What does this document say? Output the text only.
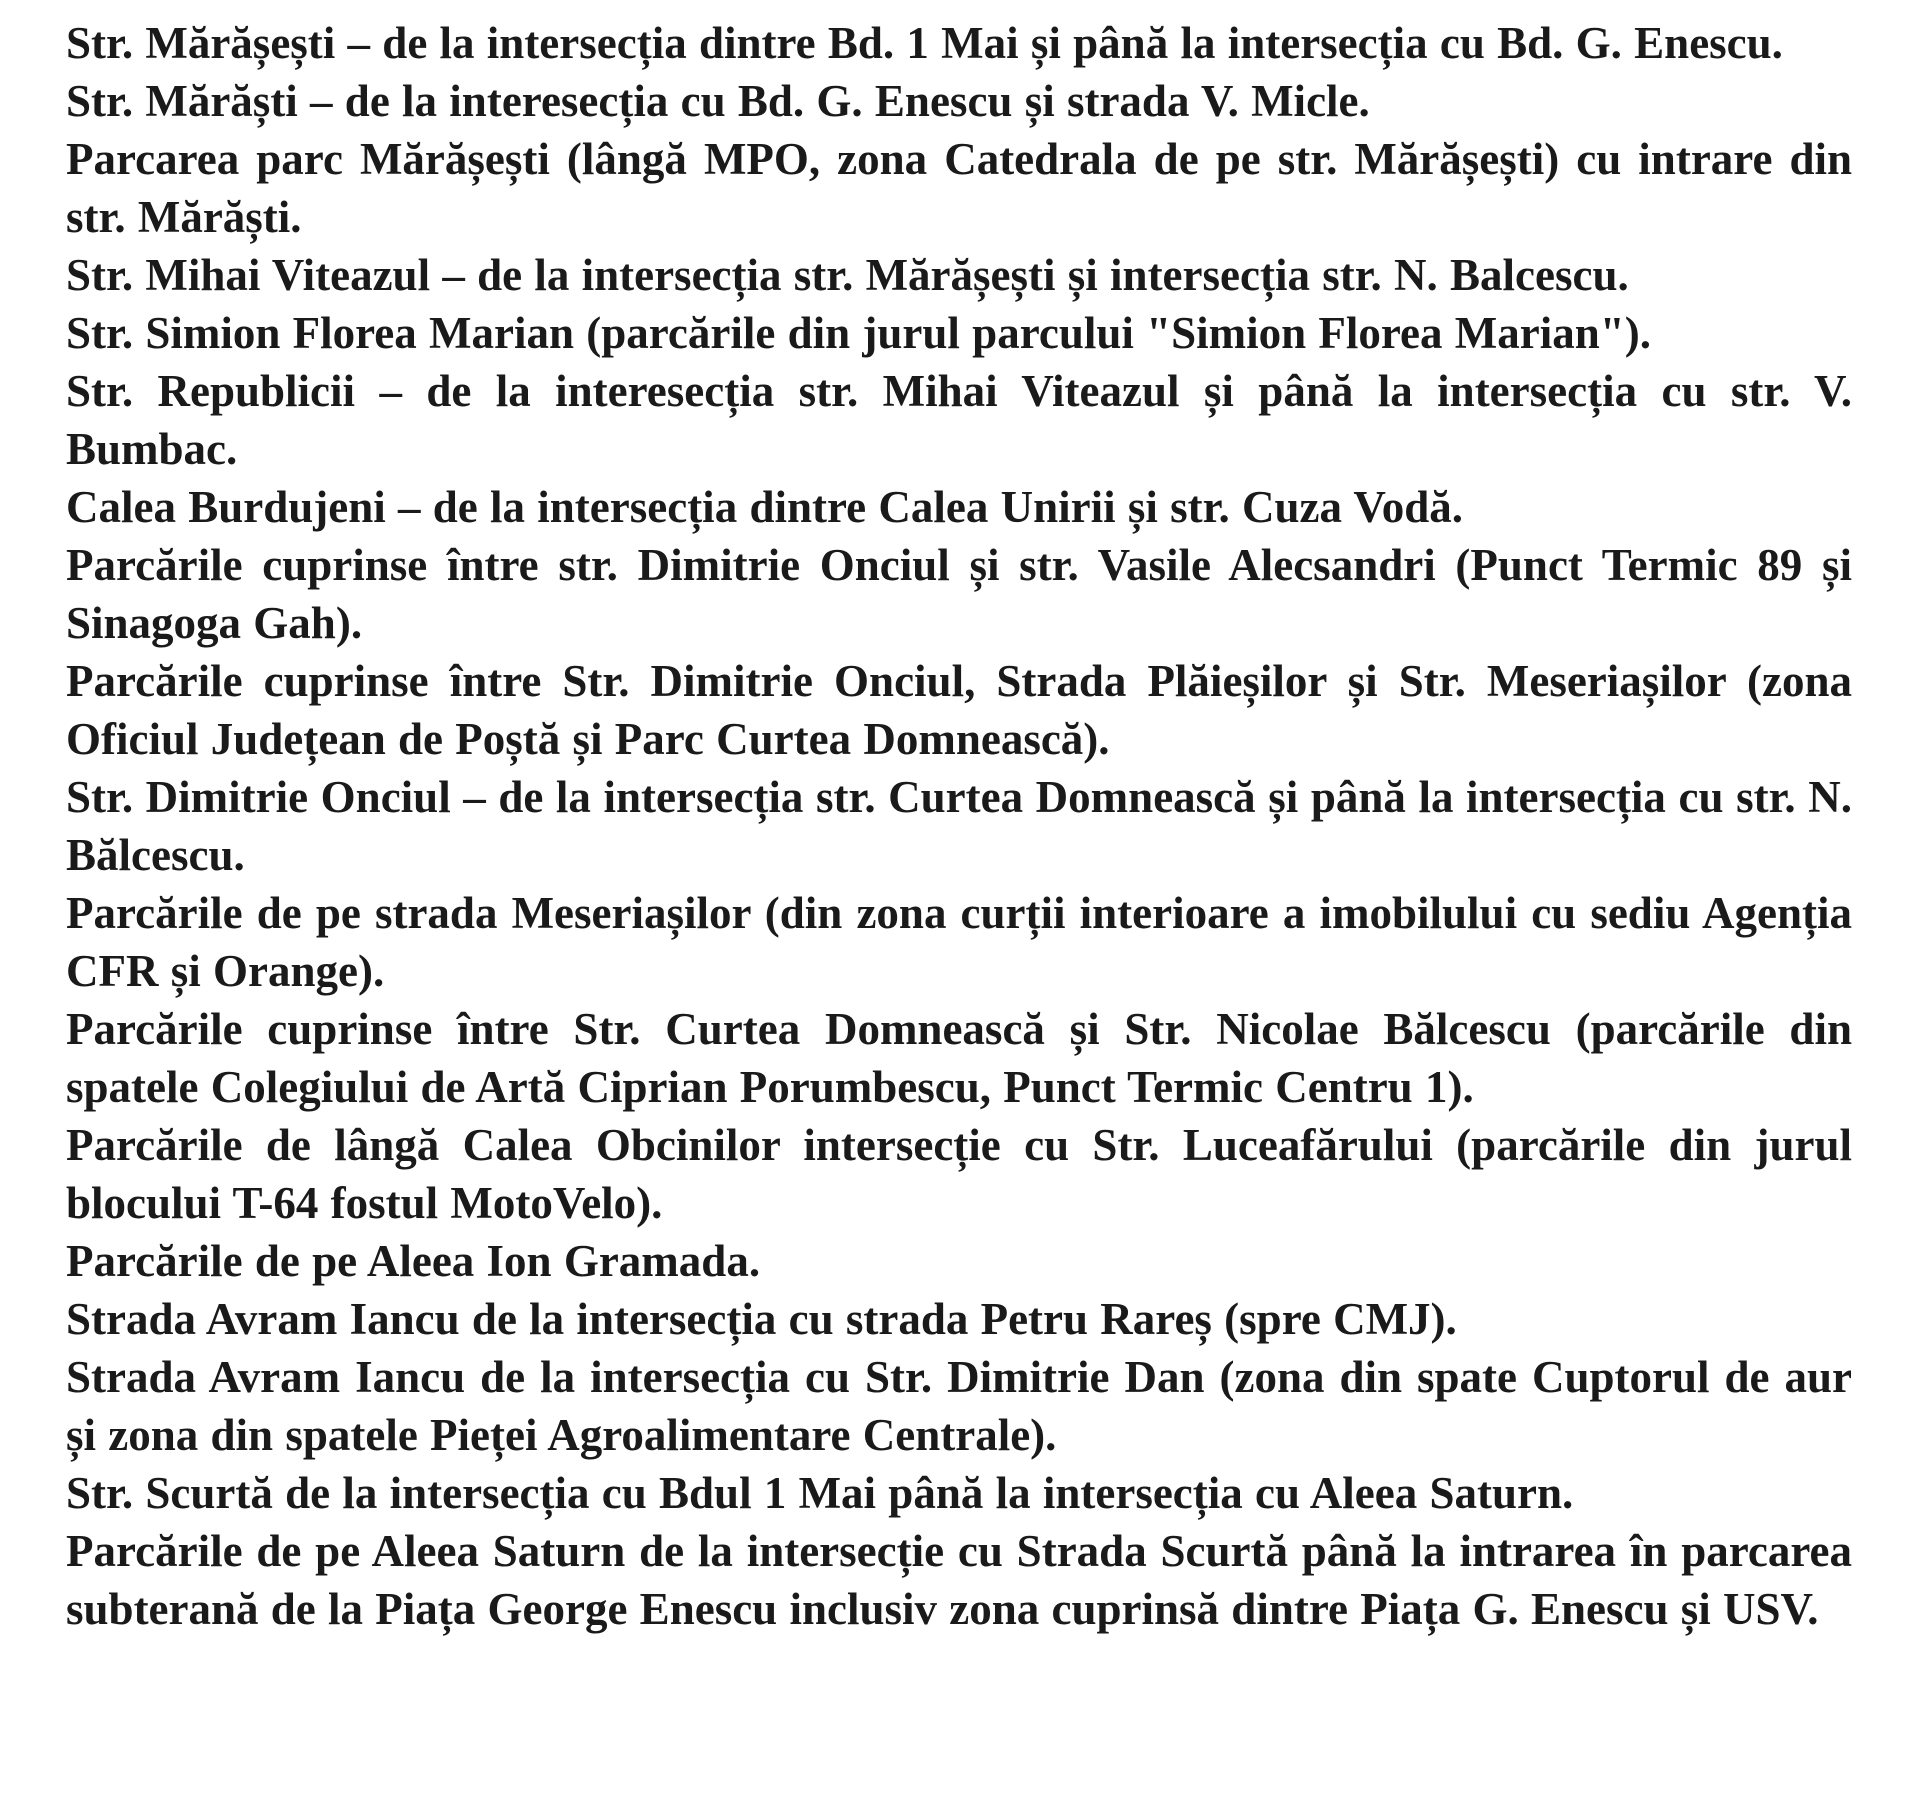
Str. Mărășești – de la intersecția dintre Bd. 1 Mai și până la intersecția cu Bd. G. Enescu.

Str. Mărăști – de la interesecția cu Bd. G. Enescu și strada V. Micle.

Parcarea parc Mărășești (lângă MPO, zona Catedrala de pe str. Mărășești) cu intrare din str. Mărăști.

Str. Mihai Viteazul – de la intersecția str. Mărășești și intersecția str. N. Balcescu.

Str. Simion Florea Marian (parcările din jurul parcului "Simion Florea Marian").

Str. Republicii – de la interesecția str. Mihai Viteazul și până la intersecția cu str. V. Bumbac.

Calea Burdujeni – de la intersecția dintre Calea Unirii și str. Cuza Vodă.

Parcările cuprinse între str. Dimitrie Onciul și str. Vasile Alecsandri (Punct Termic 89 și Sinagoga Gah).

Parcările cuprinse între Str. Dimitrie Onciul, Strada Plăieșilor și Str. Meseriașilor (zona Oficiul Județean de Poștă și Parc Curtea Domnească).

Str. Dimitrie Onciul – de la intersecția str. Curtea Domnească și până la intersecția cu str. N. Bălcescu.

Parcările de pe strada Meseriașilor (din zona curții interioare a imobilului cu sediu Agenția CFR și Orange).

Parcările cuprinse între Str. Curtea Domnească și Str. Nicolae Bălcescu (parcările din spatele Colegiului de Artă Ciprian Porumbescu, Punct Termic Centru 1).

Parcările de lângă Calea Obcinilor intersecție cu Str. Luceafărului (parcările din jurul blocului T-64 fostul MotoVelo).

Parcările de pe Aleea Ion Gramada.

Strada Avram Iancu de la intersecția cu strada Petru Rareș (spre CMJ).

Strada Avram Iancu de la intersecția cu Str. Dimitrie Dan (zona din spate Cuptorul de aur și zona din spatele Pieței Agroalimentare Centrale).

Str. Scurtă de la intersecția cu Bdul 1 Mai până la intersecția cu Aleea Saturn.

Parcările de pe Aleea Saturn de la intersecție cu Strada Scurtă până la intrarea în parcarea subterană de la Piața George Enescu inclusiv zona cuprinsă dintre Piața G. Enescu și USV.
